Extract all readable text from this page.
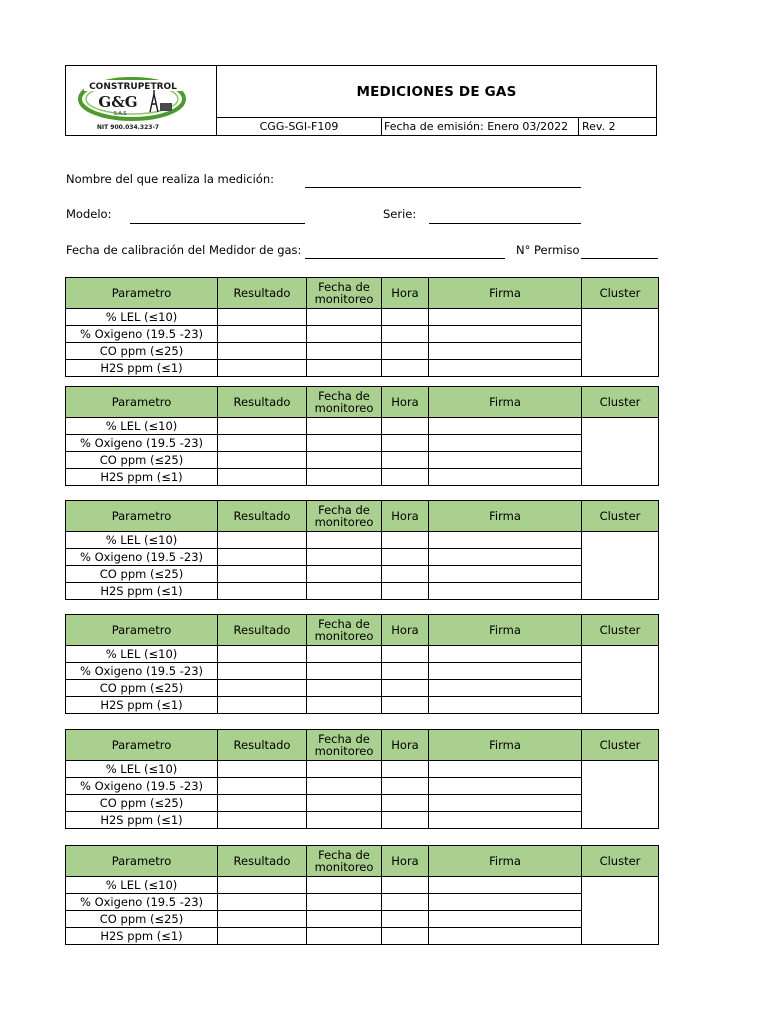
CONSTRUPETROL
G&G
S.A.S
NIT 900.034.323-7
MEDICIONES DE GAS
CGG-SGI-F109	Fecha de emisión: Enero 03/2022	Rev. 2
Nombre del que realiza la medición:
Modelo:	Serie:
Fecha de calibración del Medidor de gas:	N° Permiso
Parametro	Resultado	Fecha de monitoreo	Hora	Firma	Cluster
% LEL (≤10)					
% Oxigeno (19.5 -23)					
CO ppm (≤25)					
H2S ppm (≤1)					
Parametro	Resultado	Fecha de monitoreo	Hora	Firma	Cluster
% LEL (≤10)					
% Oxigeno (19.5 -23)					
CO ppm (≤25)					
H2S ppm (≤1)					
Parametro	Resultado	Fecha de monitoreo	Hora	Firma	Cluster
% LEL (≤10)					
% Oxigeno (19.5 -23)					
CO ppm (≤25)					
H2S ppm (≤1)					
Parametro	Resultado	Fecha de monitoreo	Hora	Firma	Cluster
% LEL (≤10)					
% Oxigeno (19.5 -23)					
CO ppm (≤25)					
H2S ppm (≤1)					
Parametro	Resultado	Fecha de monitoreo	Hora	Firma	Cluster
% LEL (≤10)					
% Oxigeno (19.5 -23)					
CO ppm (≤25)					
H2S ppm (≤1)					
Parametro	Resultado	Fecha de monitoreo	Hora	Firma	Cluster
% LEL (≤10)					
% Oxigeno (19.5 -23)					
CO ppm (≤25)					
H2S ppm (≤1)					
